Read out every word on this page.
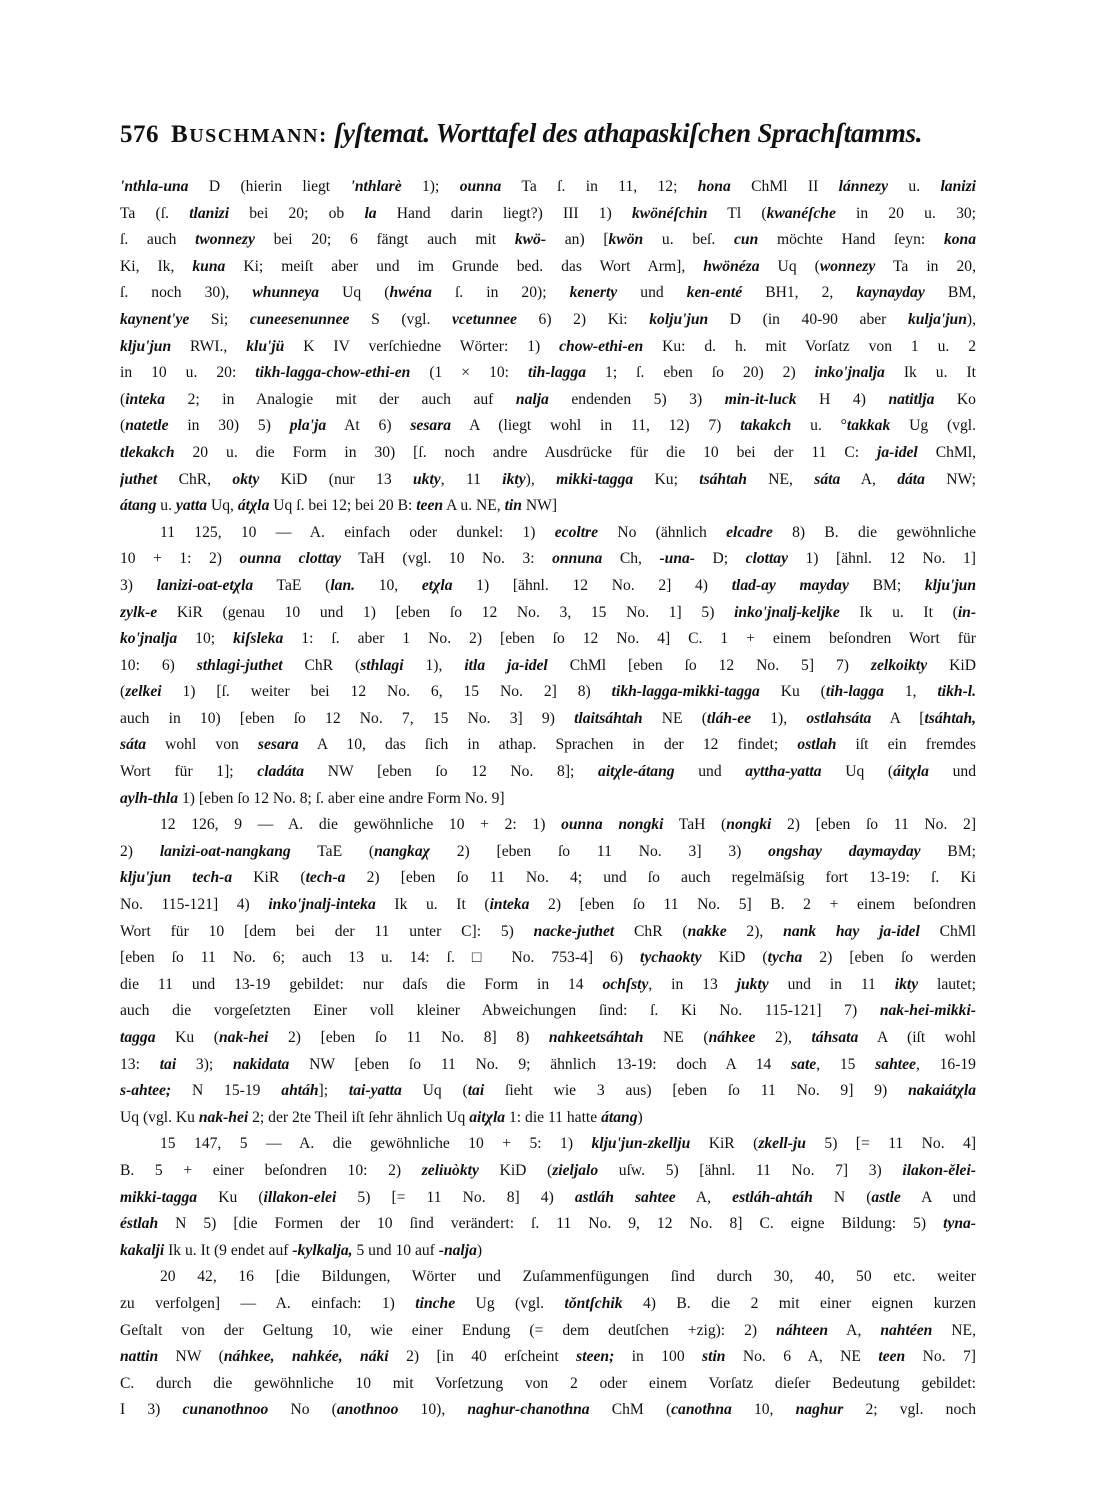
576 B USCHMANN : ſyſtemat. Worttafel des athapaskiſchen Sprachſtamms.
'nthla-una D (hierin liegt 'nthlarè 1); ounna Ta ſ. in 11, 12; hona ChMl II lánnezy u. lanizi
Ta (ſ. tlanizi bei 20; ob la Hand darin liegt?) III 1) kwönéſchin Tl (kwanéſche in 20 u. 30;
ſ. auch twonnezy bei 20; 6 fängt auch mit kwö- an) [kwön u. beſ. cun möchte Hand ſeyn: kona
Ki, Ik, kuna Ki; meiſt aber und im Grunde bed. das Wort Arm], hwönéza Uq (wonnezy Ta in 20,
ſ. noch 30), whunneya Uq (hwéna ſ. in 20); kenerty und ken-enté BH1, 2, kaynayday BM,
kaynent'ye Si; cuneesenunnee S (vgl. vcetunnee 6) 2) Ki: kolju'jun D (in 40-90 aber kulja'jun),
klju'jun RWI., klu'jü K IV verſchiedne Wörter: 1) chow-ethi-en Ku: d. h. mit Vorſatz von 1 u. 2
in 10 u. 20: tikh-lagga-chow-ethi-en (1 × 10: tih-lagga 1; ſ. eben ſo 20) 2) inko'jnalja Ik u. It
(inteka 2; in Analogie mit der auch auf nalja endenden 5) 3) min-it-luck H 4) natitlja Ko
(natetle in 30) 5) pla'ja At 6) sesara A (liegt wohl in 11, 12) 7) takakch u. °takkak Ug (vgl.
tlekakch 20 u. die Form in 30) [ſ. noch andre Ausdrücke für die 10 bei der 11 C: ja-idel ChMl,
juthet ChR, okty KiD (nur 13 ukty, 11 ikty), mikki-tagga Ku; tsáhtah NE, sáta A, dáta NW;
átang u. yatta Uq, átχla Uq ſ. bei 12; bei 20 B: teen A u. NE, tin NW]
11 125, 10 — A. einfach oder dunkel: 1) ecoltre No (ähnlich elcadre 8) B. die gewöhnliche
10 + 1: 2) ounna clottay TaH (vgl. 10 No. 3: onnuna Ch, -una- D; clottay 1) [ähnl. 12 No. 1]
3) lanizi-oat-etχla TaE (lan. 10, etχla 1) [ähnl. 12 No. 2] 4) tlad-ay mayday BM; klju'jun
zylk-e KiR (genau 10 und 1) [eben ſo 12 No. 3, 15 No. 1] 5) inko'jnalj-keljke Ik u. It (in-
ko'jnalja 10; kiſsleka 1: ſ. aber 1 No. 2) [eben ſo 12 No. 4] C. 1 + einem beſondren Wort für
10: 6) sthlagi-juthet ChR (sthlagi 1), itla ja-idel ChMl [eben ſo 12 No. 5] 7) zelkoikty KiD
(zelkei 1) [ſ. weiter bei 12 No. 6, 15 No. 2] 8) tikh-lagga-mikki-tagga Ku (tih-lagga 1, tikh-l.
auch in 10) [eben ſo 12 No. 7, 15 No. 3] 9) tlaitsáhtah NE (tláh-ee 1), ostlahsáta A [tsáhtah,
sáta wohl von sesara A 10, das ſich in athap. Sprachen in der 12 findet; ostlah iſt ein fremdes
Wort für 1]; cladáta NW [eben ſo 12 No. 8]; aitχle-átang und ayttha-yatta Uq (áitχla und
aylh-thla 1) [eben ſo 12 No. 8; ſ. aber eine andre Form No. 9]
12 126, 9 — A. die gewöhnliche 10 + 2: 1) ounna nongki TaH (nongki 2) [eben ſo 11 No. 2]
2) lanizi-oat-nangkang TaE (nangkaχ 2) [eben ſo 11 No. 3] 3) ongshay daymayday BM;
klju'jun tech-a KiR (tech-a 2) [eben ſo 11 No. 4; und ſo auch regelmäſsig fort 13-19: ſ. Ki
No. 115-121] 4) inko'jnalj-inteka Ik u. It (inteka 2) [eben ſo 11 No. 5] B. 2 + einem beſondren
Wort für 10 [dem bei der 11 unter C]: 5) nacke-juthet ChR (nakke 2), nank hay ja-idel ChMl
[eben ſo 11 No. 6; auch 13 u. 14: ſ. □ No. 753-4] 6) tychaokty KiD (tycha 2) [eben ſo werden
die 11 und 13-19 gebildet: nur daſs die Form in 14 ochſsty, in 13 jukty und in 11 ikty lautet;
auch die vorgeſetzten Einer voll kleiner Abweichungen ſind: ſ. Ki No. 115-121] 7) nak-hei-mikki-
tagga Ku (nak-hei 2) [eben ſo 11 No. 8] 8) nahkeetsáhtah NE (náhkee 2), táhsata A (iſt wohl
13: tai 3); nakidata NW [eben ſo 11 No. 9; ähnlich 13-19: doch A 14 sate, 15 sahtee, 16-19
s-ahtee; N 15-19 ahtáh]; tai-yatta Uq (tai ſieht wie 3 aus) [eben ſo 11 No. 9] 9) nakaiátχla
Uq (vgl. Ku nak-hei 2; der 2te Theil iſt ſehr ähnlich Uq aitχla 1: die 11 hatte átang)
15 147, 5 — A. die gewöhnliche 10 + 5: 1) klju'jun-zkellju KiR (zkell-ju 5) [= 11 No. 4]
B. 5 + einer beſondren 10: 2) zeliuòkty KiD (zieljalo uſw. 5) [ähnl. 11 No. 7] 3) ilakon-ělei-
mikki-tagga Ku (illakon-elei 5) [= 11 No. 8] 4) astláh sahtee A, estláh-ahtáh N (astle A und
éstlah N 5) [die Formen der 10 ſind verändert: ſ. 11 No. 9, 12 No. 8] C. eigne Bildung: 5) tyna-
kakalji Ik u. It (9 endet auf -kylkalja, 5 und 10 auf -nalja)
20 42, 16 [die Bildungen, Wörter und Zuſammenfügungen ſind durch 30, 40, 50 etc. weiter
zu verfolgen] — A. einfach: 1) tinche Ug (vgl. tǒntſchik 4) B. die 2 mit einer eignen kurzen
Geſtalt von der Geltung 10, wie einer Endung (= dem deutſchen +zig): 2) náhteen A, nahtéen NE,
nattin NW (náhkee, nahkée, náki 2) [in 40 erſcheint steen; in 100 stin No. 6 A, NE teen No. 7]
C. durch die gewöhnliche 10 mit Vorſetzung von 2 oder einem Vorſatz dieſer Bedeutung gebildet:
I 3) cunanothnoo No (anothnoo 10), naghur-chanothna ChM (canothna 10, naghur 2; vgl. noch
